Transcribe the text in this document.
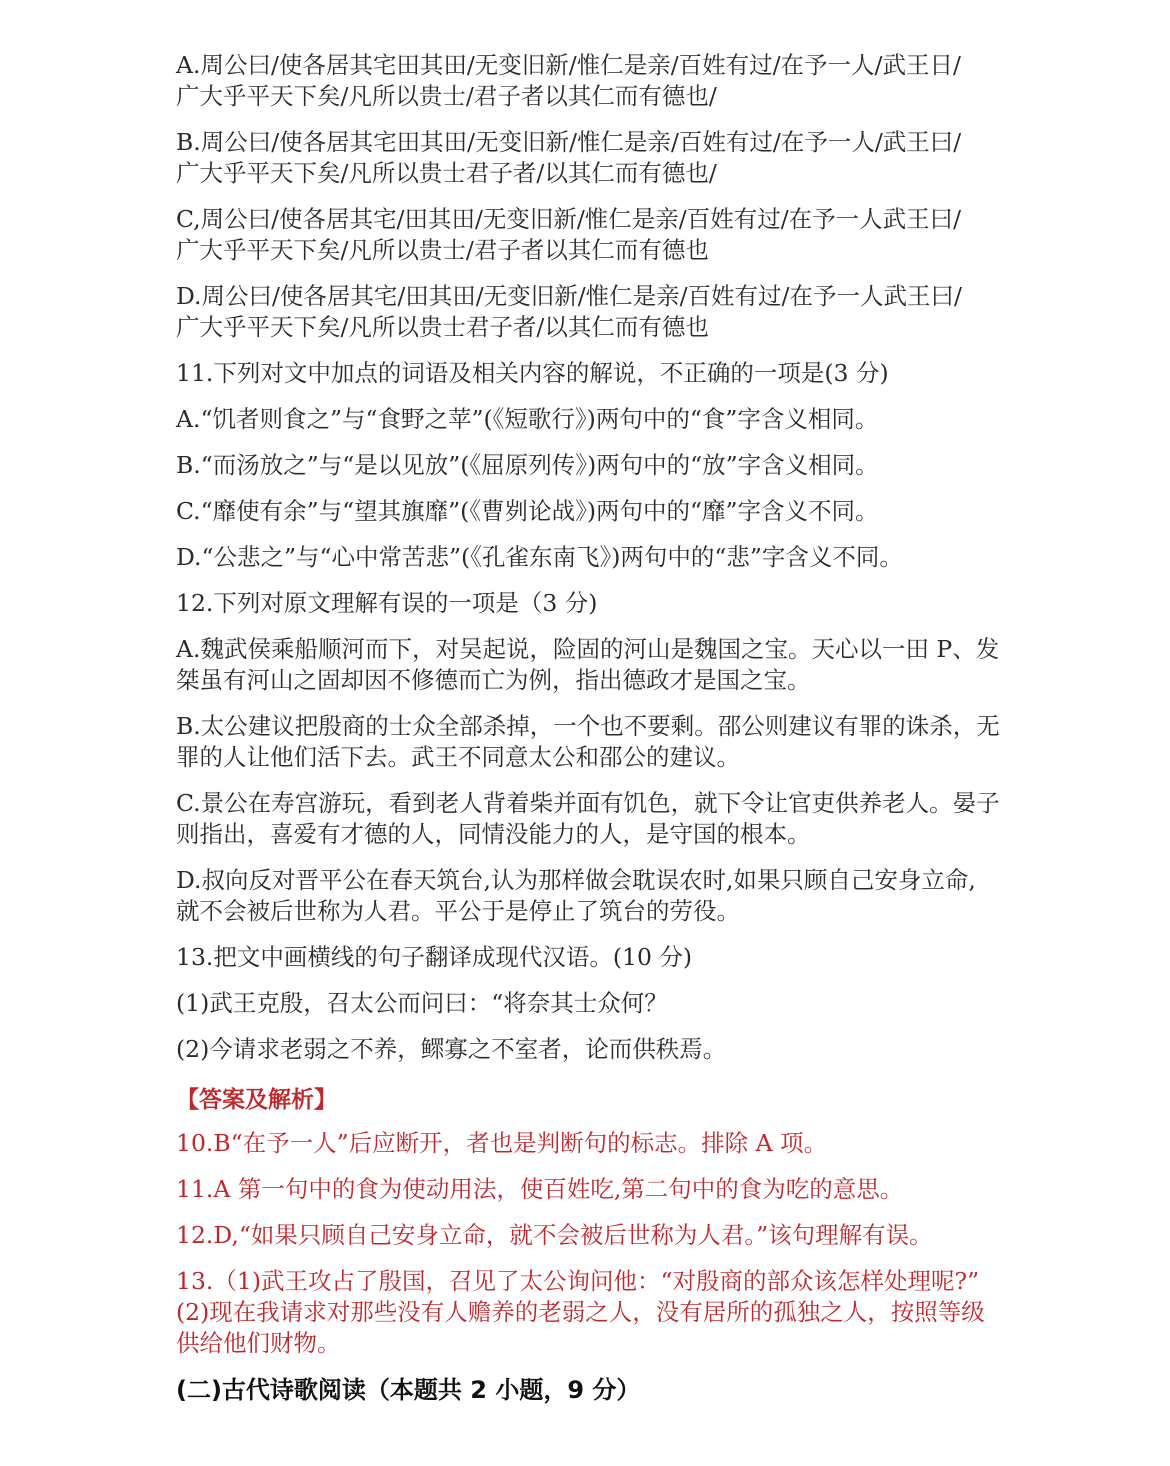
A.周公曰/使各居其宅田其田/无变旧新/惟仁是亲/百姓有过/在予一人/武王日/
广大乎平天下矣/凡所以贵士/君子者以其仁而有德也/
B.周公曰/使各居其宅田其田/无变旧新/惟仁是亲/百姓有过/在予一人/武王曰/
广大乎平天下矣/凡所以贵士君子者/以其仁而有德也/
C,周公曰/使各居其宅/田其田/无变旧新/惟仁是亲/百姓有过/在予一人武王曰/
广大乎平天下矣/凡所以贵士/君子者以其仁而有德也
D.周公曰/使各居其宅/田其田/无变旧新/惟仁是亲/百姓有过/在予一人武王曰/
广大乎平天下矣/凡所以贵士君子者/以其仁而有德也
11.下列对文中加点的词语及相关内容的解说，不正确的一项是(3 分)
A.“饥者则食之”与“食野之苹”(《短歌行》)两句中的“食”字含义相同。
B.“而汤放之”与“是以见放”(《屈原列传》)两句中的“放”字含义相同。
C.“靡使有余”与“望其旗靡”(《曹刿论战》)两句中的“靡”字含义不同。
D.“公悲之”与“心中常苦悲”(《孔雀东南飞》)两句中的“悲”字含义不同。
12.下列对原文理解有误的一项是（3 分)
A.魏武侯乘船顺河而下，对吴起说，险固的河山是魏国之宝。天心以一田 P、发
桀虽有河山之固却因不修德而亡为例，指出德政才是国之宝。
B.太公建议把殷商的士众全部杀掉，一个也不要剩。邵公则建议有罪的诛杀，无
罪的人让他们活下去。武王不同意太公和邵公的建议。
C.景公在寿宫游玩，看到老人背着柴并面有饥色，就下令让官吏供养老人。晏子
则指出，喜爱有才德的人，同情没能力的人，是守国的根本。
D.叔向反对晋平公在春天筑台,认为那样做会耽误农时,如果只顾自己安身立命,
就不会被后世称为人君。平公于是停止了筑台的劳役。
13.把文中画横线的句子翻译成现代汉语。(10 分)
(1)武王克殷，召太公而问曰：“将奈其士众何？
(2)今请求老弱之不养，鳏寡之不室者，论而供秩焉。
【答案及解析】
10.B“在予一人”后应断开，者也是判断句的标志。排除 A 项。
11.A 第一句中的食为使动用法，使百姓吃,第二句中的食为吃的意思。
12.D,“如果只顾自己安身立命，就不会被后世称为人君。”该句理解有误。
13.（1)武王攻占了殷国，召见了太公询问他：“对殷商的部众该怎样处理呢?”
(2)现在我请求对那些没有人赡养的老弱之人，没有居所的孤独之人，按照等级
供给他们财物。
(二)古代诗歌阅读（本题共 2 小题，9 分）
